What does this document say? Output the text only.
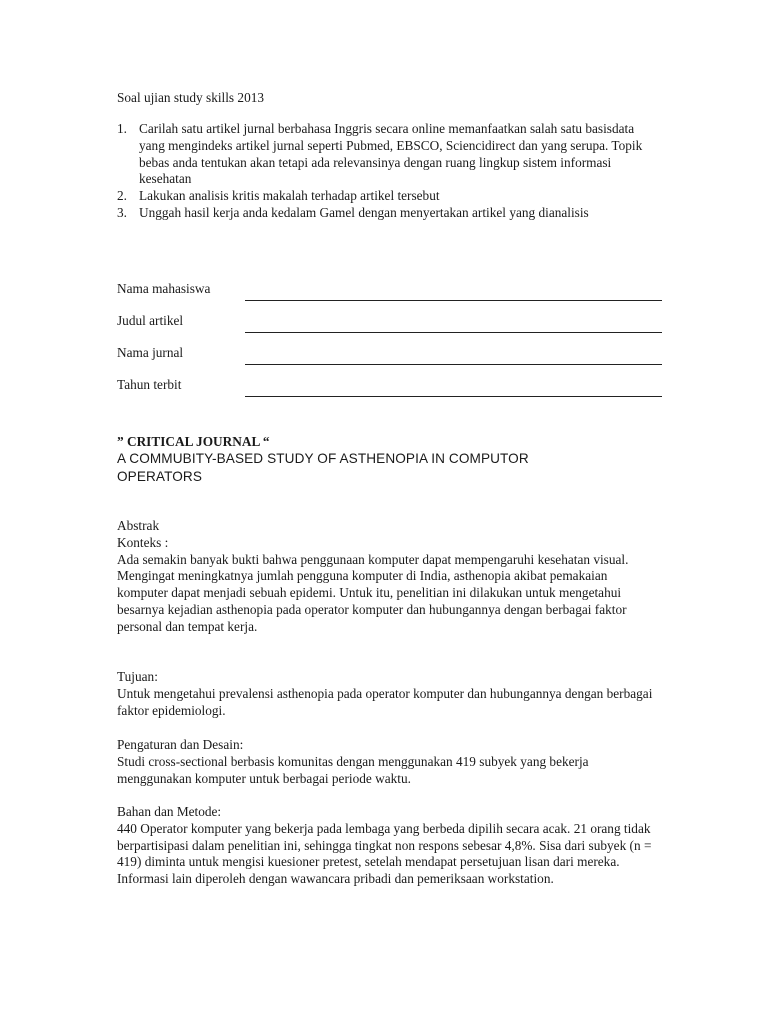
Soal ujian study skills 2013
1. Carilah satu artikel jurnal berbahasa Inggris secara online memanfaatkan salah satu basisdata yang mengindeks artikel jurnal seperti Pubmed, EBSCO, Sciencidirect dan yang serupa. Topik bebas anda tentukan akan tetapi ada relevansinya dengan ruang lingkup sistem informasi kesehatan
2. Lakukan analisis kritis makalah terhadap artikel tersebut
3. Unggah hasil kerja anda kedalam Gamel dengan menyertakan artikel yang dianalisis
Nama mahasiswa
Judul artikel
Nama jurnal
Tahun terbit
” CRITICAL JOURNAL “
A COMMUBITY-BASED STUDY OF ASTHENOPIA IN COMPUTOR OPERATORS

Abstrak

Konteks :

Ada semakin banyak bukti bahwa penggunaan komputer dapat mempengaruhi kesehatan visual. Mengingat meningkatnya jumlah pengguna komputer di India, asthenopia akibat pemakaian komputer dapat menjadi sebuah epidemi. Untuk itu, penelitian ini dilakukan untuk mengetahui besarnya kejadian asthenopia pada operator komputer dan hubungannya dengan berbagai faktor personal dan tempat kerja.

Tujuan:

Untuk mengetahui prevalensi asthenopia pada operator komputer dan hubungannya dengan berbagai faktor epidemiologi.

Pengaturan dan Desain:

Studi cross-sectional berbasis komunitas dengan menggunakan 419 subyek yang bekerja menggunakan komputer untuk berbagai periode waktu.

Bahan dan Metode:

440 Operator komputer yang bekerja pada lembaga yang berbeda dipilih secara acak. 21 orang tidak berpartisipasi dalam penelitian ini, sehingga tingkat non respons sebesar 4,8%. Sisa dari subyek (n = 419) diminta untuk mengisi kuesioner pretest, setelah mendapat persetujuan lisan dari mereka. Informasi lain diperoleh dengan wawancara pribadi dan pemeriksaan workstation.
